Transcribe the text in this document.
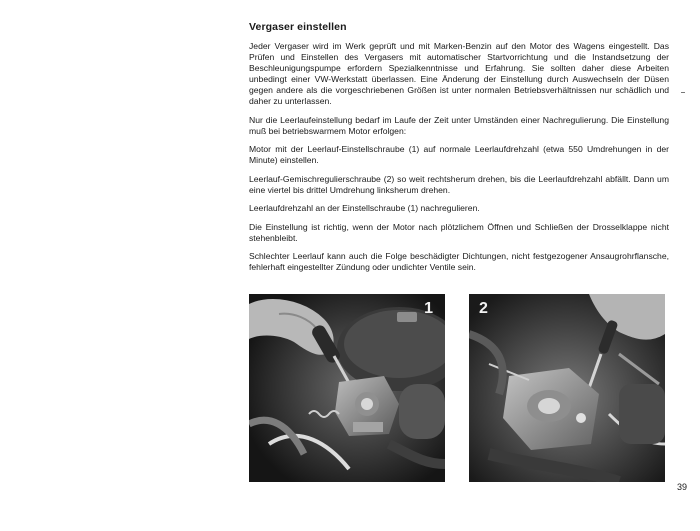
Vergaser einstellen

Jeder Vergaser wird im Werk geprüft und mit Marken-Benzin auf den Motor des Wagens eingestellt. Das Prüfen und Einstellen des Vergasers mit automatischer Startvorrichtung und die Instandsetzung der Beschleunigungspumpe erfordern Spezialkenntnisse und Erfahrung. Sie sollten daher diese Arbeiten unbedingt einer VW-Werkstatt überlassen. Eine Änderung der Einstellung durch Auswechseln der Düsen gegen andere als die vorgeschriebenen Größen ist unter normalen Betriebsverhältnissen nur schädlich und daher zu unterlassen.

Nur die Leerlaufeinstellung bedarf im Laufe der Zeit unter Umständen einer Nachregulierung. Die Einstellung muß bei betriebswarmem Motor erfolgen:

Motor mit der Leerlauf-Einstellschraube (1) auf normale Leerlaufdrehzahl (etwa 550 Umdrehungen in der Minute) einstellen.

Leerlauf-Gemischregulierschraube (2) so weit rechtsherum drehen, bis die Leerlaufdrehzahl abfällt. Dann um eine viertel bis drittel Umdrehung linksherum drehen.

Leerlaufdrehzahl an der Einstellschraube (1) nachregulieren.

Die Einstellung ist richtig, wenn der Motor nach plötzlichem Öffnen und Schließen der Drosselklappe nicht stehenbleibt.

Schlechter Leerlauf kann auch die Folge beschädigter Dichtungen, nicht festgezogener Ansaugrohrflansche, fehlerhaft eingestellter Zündung oder undichter Ventile sein.

1	2
39
